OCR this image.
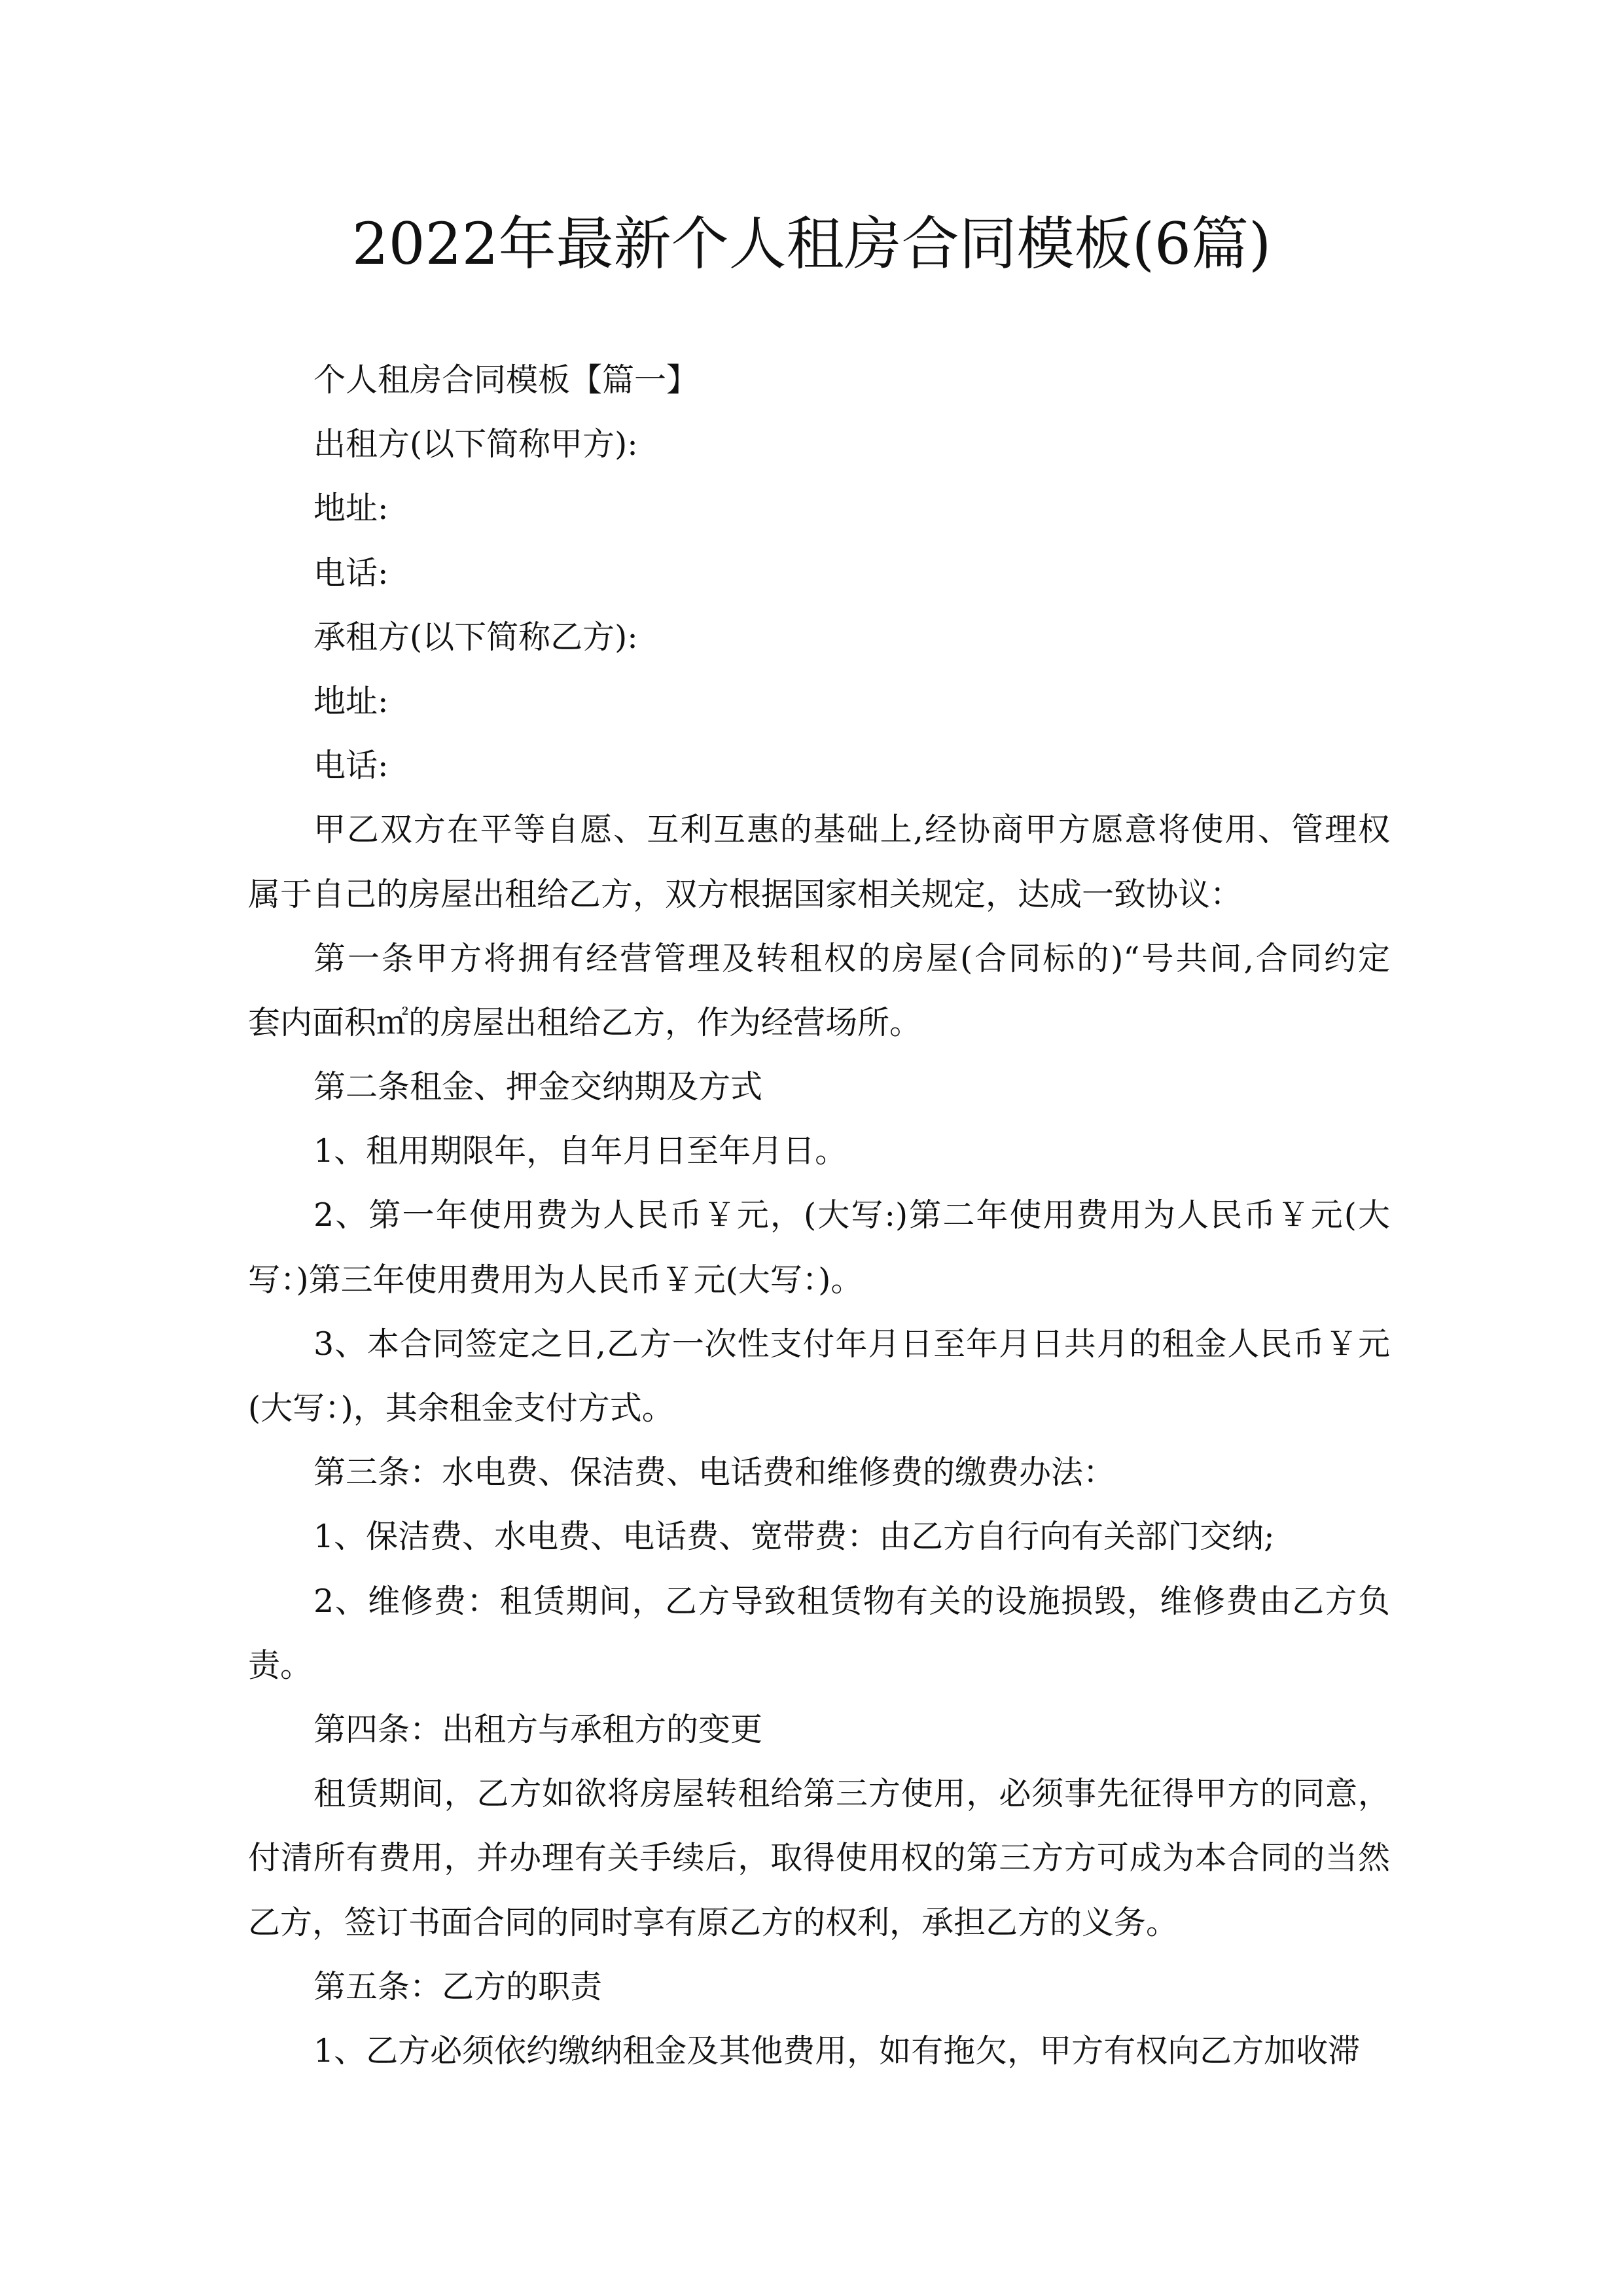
2022年最新个人租房合同模板(6篇)
个人租房合同模板【篇一】
出租方(以下简称甲方):
地址:
电话:
承租方(以下简称乙方):
地址:
电话:
甲乙双方在平等自愿、互利互惠的基础上,经协商甲方愿意将使用、管理权
属于自己的房屋出租给乙方，双方根据国家相关规定，达成一致协议：
第一条甲方将拥有经营管理及转租权的房屋(合同标的)“号共间,合同约定
套内面积㎡的房屋出租给乙方，作为经营场所。
第二条租金、押金交纳期及方式
1、租用期限年，自年月日至年月日。
2、第一年使用费为人民币￥元，(大写:)第二年使用费用为人民币￥元(大
写：)第三年使用费用为人民币￥元(大写：)。
3、本合同签定之日,乙方一次性支付年月日至年月日共月的租金人民币￥元
(大写：)，其余租金支付方式。
第三条：水电费、保洁费、电话费和维修费的缴费办法：
1、保洁费、水电费、电话费、宽带费：由乙方自行向有关部门交纳;
2、维修费：租赁期间，乙方导致租赁物有关的设施损毁，维修费由乙方负
责。
第四条：出租方与承租方的变更
租赁期间，乙方如欲将房屋转租给第三方使用，必须事先征得甲方的同意，
付清所有费用，并办理有关手续后，取得使用权的第三方方可成为本合同的当然
乙方，签订书面合同的同时享有原乙方的权利，承担乙方的义务。
第五条：乙方的职责
1、乙方必须依约缴纳租金及其他费用，如有拖欠，甲方有权向乙方加收滞
